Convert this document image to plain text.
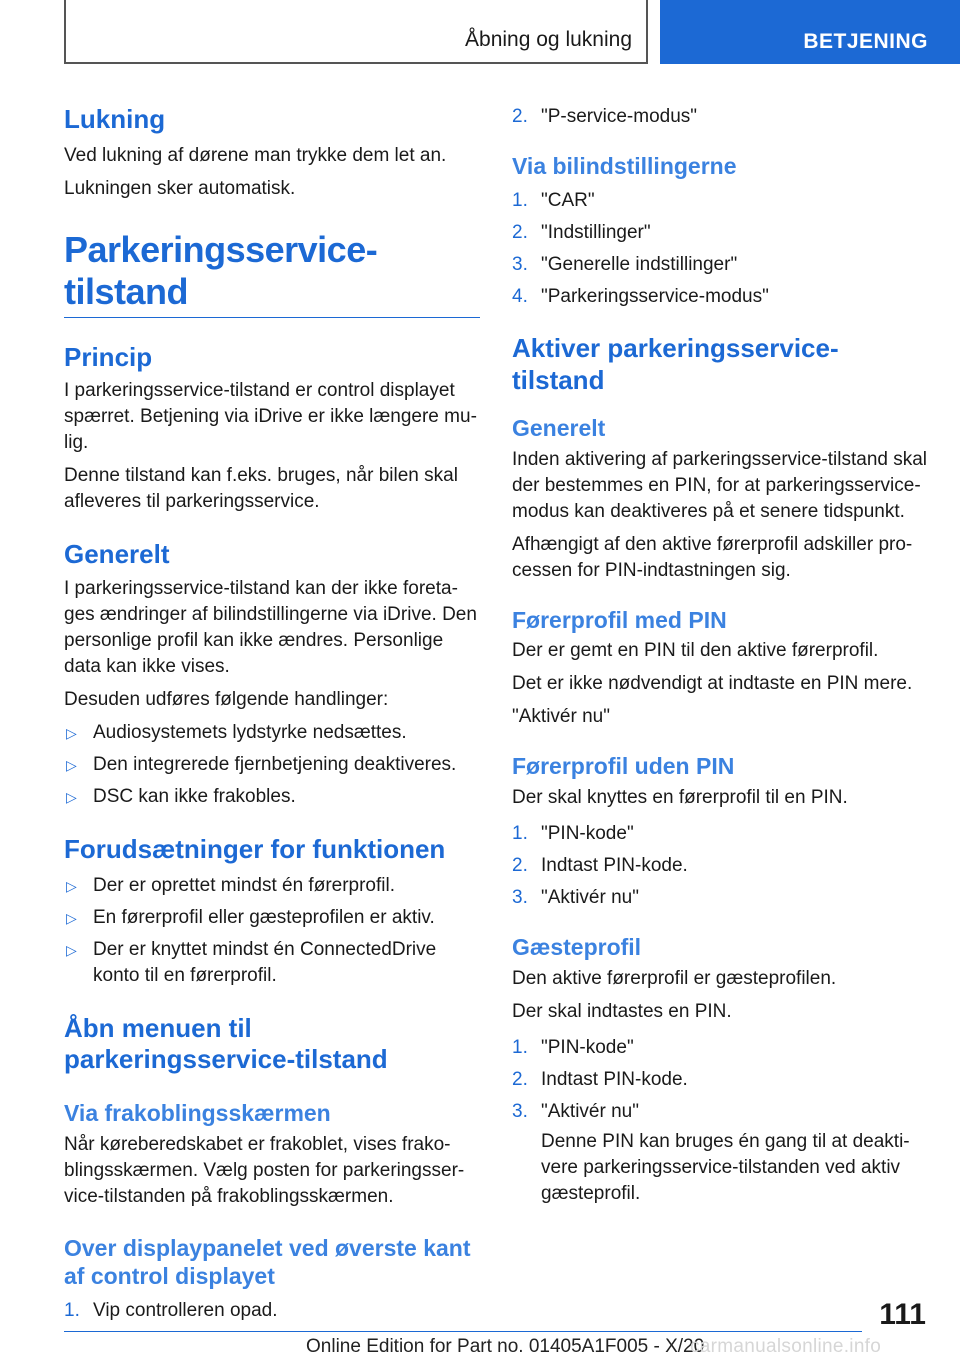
Åbning og lukning	BETJENING
Lukning

Ved lukning af dørene man trykke dem let an.

Lukningen sker automatisk.

Parkeringsservice-tilstand
Princip

I parkeringsservice-tilstand er control displayet spærret. Betjening via iDrive er ikke længere mulig.

Denne tilstand kan f.eks. bruges, når bilen skal afleveres til parkeringsservice.

Generelt

I parkeringsservice-tilstand kan der ikke foretages ændringer af bilindstillingerne via iDrive. Den personlige profil kan ikke ændres. Personlige data kan ikke vises.

Desuden udføres følgende handlinger:

▷ Audiosystemets lydstyrke nedsættes.
▷ Den integrerede fjernbetjening deaktiveres.
▷ DSC kan ikke frakobles.
Forudsætninger for funktionen
▷ Der er oprettet mindst én førerprofil.
▷ En førerprofil eller gæsteprofilen er aktiv.
▷ Der er knyttet mindst én ConnectedDrive konto til en førerprofil.
Åbn menuen til parkeringsservice-tilstand
Via frakoblingsskærmen

Når køreberedskabet er frakoblet, vises frakoblingsskærmen. Vælg posten for parkeringsservice-tilstanden på frakoblingsskærmen.

Over displaypanelet ved øverste kant af control displayet
1. Vip controlleren opad.
2. "P-service-modus"
Via bilindstillingerne
1. "CAR"
2. "Indstillinger"
3. "Generelle indstillinger"
4. "Parkeringsservice-modus"
Aktiver parkeringsservice-tilstand
Generelt

Inden aktivering af parkeringsservice-tilstand skal der bestemmes en PIN, for at parkeringsservice-modus kan deaktiveres på et senere tidspunkt.

Afhængigt af den aktive førerprofil adskiller processen for PIN-indtastningen sig.

Førerprofil med PIN

Der er gemt en PIN til den aktive førerprofil.

Det er ikke nødvendigt at indtaste en PIN mere.

"Aktivér nu"

Førerprofil uden PIN

Der skal knyttes en førerprofil til en PIN.

1. "PIN-kode"
2. Indtast PIN-kode.
3. "Aktivér nu"
Gæsteprofil

Den aktive førerprofil er gæsteprofilen.

Der skal indtastes en PIN.

1. "PIN-kode"
2. Indtast PIN-kode.
3. "Aktivér nu"

Denne PIN kan bruges én gang til at deaktivere parkeringsservice-tilstanden ved aktiv gæsteprofil.

111
Online Edition for Part no. 01405A1F005 - X/20
carmanualsonline.info
